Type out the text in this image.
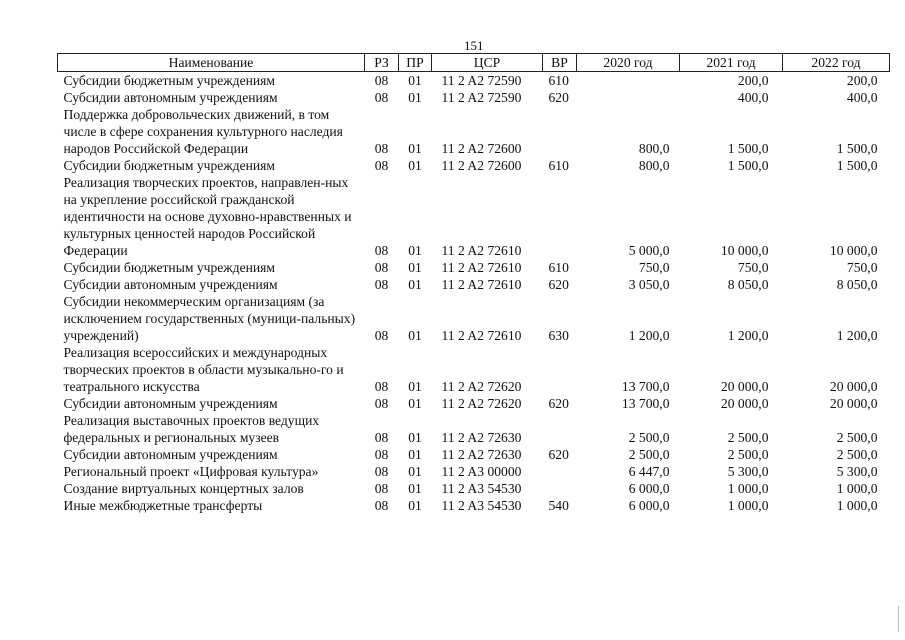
151
Наименование	РЗ	ПР	ЦСР	ВР	2020 год	2021 год	2022 год
Субсидии бюджетным учреждениям	08	01	11 2 A2 72590	610		200,0	200,0
Субсидии автономным учреждениям	08	01	11 2 A2 72590	620		400,0	400,0
Поддержка добровольческих движений, в том числе в сфере сохранения культурного наследия народов Российской Федерации	08	01	11 2 A2 72600		800,0	1 500,0	1 500,0
Субсидии бюджетным учреждениям	08	01	11 2 A2 72600	610	800,0	1 500,0	1 500,0
Реализация творческих проектов, направлен-ных на укрепление российской гражданской идентичности на основе духовно-нравственных и культурных ценностей народов Российской Федерации	08	01	11 2 A2 72610		5 000,0	10 000,0	10 000,0
Субсидии бюджетным учреждениям	08	01	11 2 A2 72610	610	750,0	750,0	750,0
Субсидии автономным учреждениям	08	01	11 2 A2 72610	620	3 050,0	8 050,0	8 050,0
Субсидии некоммерческим организациям (за исключением государственных (муници-пальных) учреждений)	08	01	11 2 A2 72610	630	1 200,0	1 200,0	1 200,0
Реализация всероссийских и международных творческих проектов в области музыкально-го и театрального искусства	08	01	11 2 A2 72620		13 700,0	20 000,0	20 000,0
Субсидии автономным учреждениям	08	01	11 2 A2 72620	620	13 700,0	20 000,0	20 000,0
Реализация выставочных проектов ведущих федеральных и региональных музеев	08	01	11 2 A2 72630		2 500,0	2 500,0	2 500,0
Субсидии автономным учреждениям	08	01	11 2 A2 72630	620	2 500,0	2 500,0	2 500,0
Региональный проект «Цифровая культура»	08	01	11 2 A3 00000		6 447,0	5 300,0	5 300,0
Создание виртуальных концертных залов	08	01	11 2 A3 54530		6 000,0	1 000,0	1 000,0
Иные межбюджетные трансферты	08	01	11 2 A3 54530	540	6 000,0	1 000,0	1 000,0
